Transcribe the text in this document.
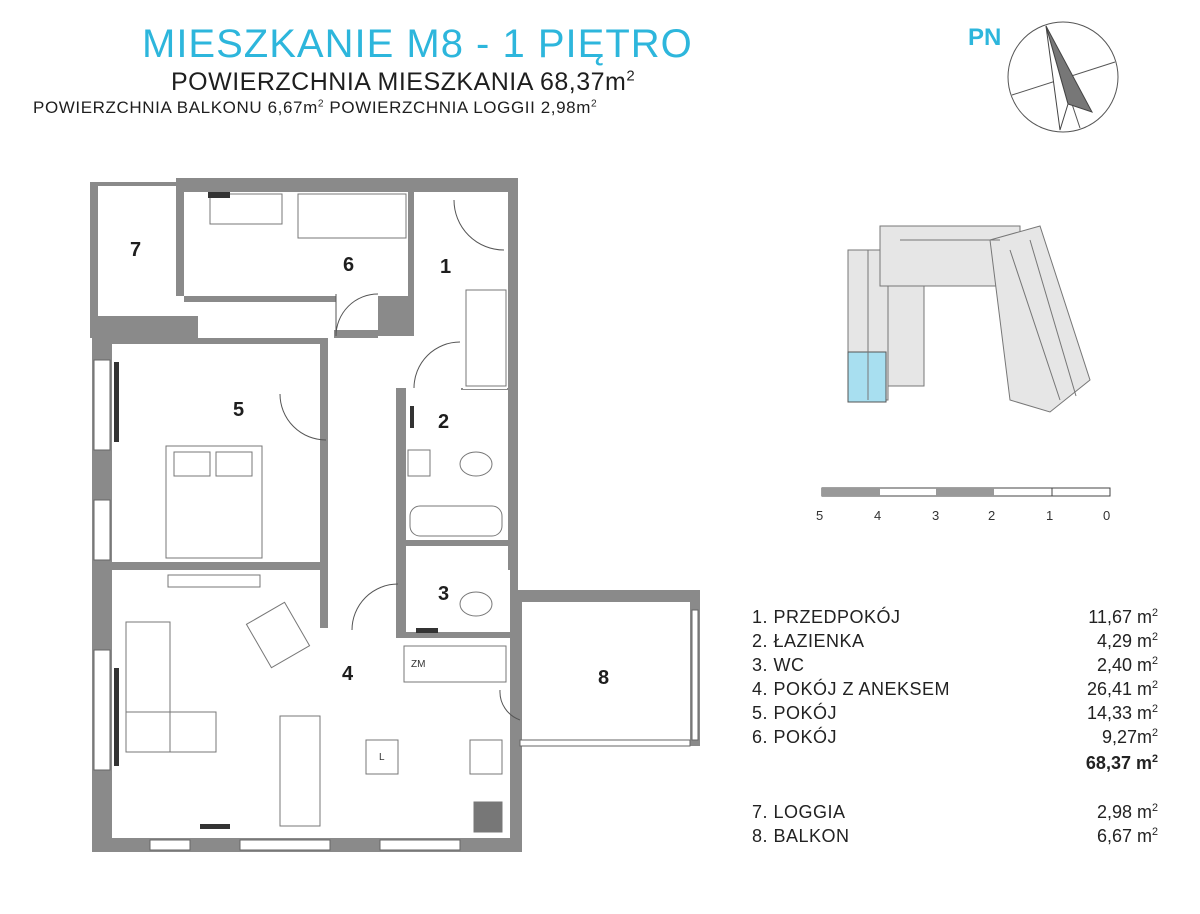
MIESZKANIE M8 - 1 PIĘTRO
POWIERZCHNIA MIESZKANIA $68,37m^2$
POWIERZCHNIA BALKONU $6,67m^2$ POWIERZCHNIA LOGGII $2,98m^2$
PN
1
2
3
4
5
6
7
8
ZM
L
5	4	3	2	1	0
1. PRZEDPOKÓJ	11,67 $m^2$
2. ŁAZIENKA	4,29 $m^2$
3. WC	2,40 $m^2$
4. POKÓJ Z ANEKSEM	26,41 $m^2$
5. POKÓJ	14,33 $m^2$
6. POKÓJ	$9,27m^2$
68,37 $m^2$
7. LOGGIA	2,98 $m^2$
8. BALKON	6,67 $m^2$
